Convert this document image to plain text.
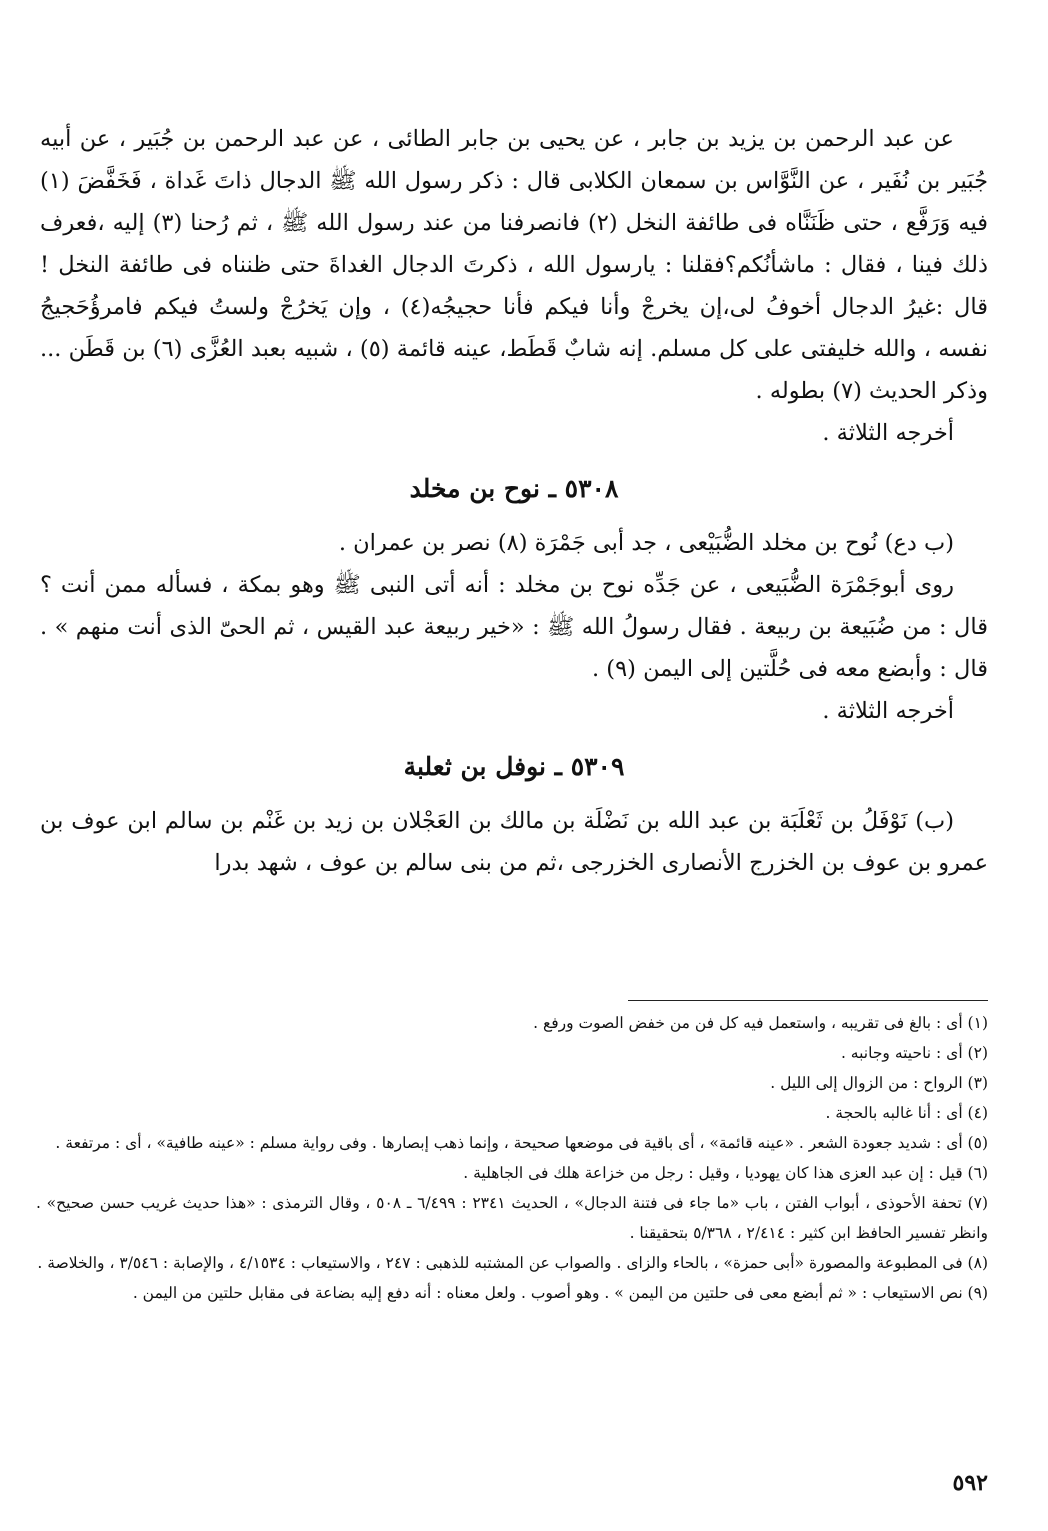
عن عبد الرحمن بن يزيد بن جابر ، عن يحيى بن جابر الطائى ، عن عبد الرحمن بن جُبَير ، عن أبيه جُبَير بن نُفَير ، عن النَّوَّاس بن سمعان الكلابى قال : ذكر رسول الله ﷺ الدجال ذاتَ غَداة ، فَخَفَّضَ (١) فيه وَرَفَّع ، حتى ظَنَنَّاه فى طائفة النخل (٢) فانصرفنا من عند رسول الله ﷺ ، ثم رُحنا (٣) إليه ،فعرف ذلك فينا ، فقال : ماشأنُكم؟فقلنا : يارسول الله ، ذكرتَ الدجال الغداةَ حتى ظنناه فى طائفة النخل ! قال :غيرُ الدجال أخوفُ لى،إن يخرجْ وأنا فيكم فأنا حجيجُه(٤) ، وإن يَخرُجْ ولستُ فيكم فامرؤُحَجيجُ نفسه ، والله خليفتى على كل مسلم. إنه شابٌ قَطَط، عينه قائمة (٥) ، شبيه بعبد العُزَّى (٦) بن قَطَن ... وذكر الحديث (٧) بطوله .

أخرجه الثلاثة .

٥٣٠٨ ـ نوح بن مخلد

(ب دع) نُوح بن مخلد الضُّبَيْعى ، جد أبى جَمْرَة (٨) نصر بن عمران .

روى أبوجَمْرَة الضُّبَيعى ، عن جَدِّه نوح بن مخلد : أنه أتى النبى ﷺ وهو بمكة ، فسأله ممن أنت ؟ قال : من ضُبَيعة بن ربيعة . فقال رسولُ الله ﷺ : «خير ربيعة عبد القيس ، ثم الحىّ الذى أنت منهم » . قال : وأبضع معه فى حُلَّتين إلى اليمن (٩) .

أخرجه الثلاثة .

٥٣٠٩ ـ نوفل بن ثعلبة

(ب) نَوْفَلُ بن ثَعْلَبَة بن عبد الله بن نَضْلَة بن مالك بن العَجْلان بن زيد بن غَنْم بن سالم ابن عوف بن عمرو بن عوف بن الخزرج الأنصارى الخزرجى ،ثم من بنى سالم بن عوف ، شهد بدرا

(١) أى : بالغ فى تقريبه ، واستعمل فيه كل فن من خفض الصوت ورفع .

(٢) أى : ناحيته وجانبه .

(٣) الرواح : من الزوال إلى الليل .

(٤) أى : أنا غالبه بالحجة .

(٥) أى : شديد جعودة الشعر . «عينه قائمة» ، أى باقية فى موضعها صحيحة ، وإنما ذهب إبصارها . وفى رواية مسلم : «عينه طافية» ، أى : مرتفعة .

(٦) قيل : إن عبد العزى هذا كان يهوديا ، وقيل : رجل من خزاعة هلك فى الجاهلية .

(٧) تحفة الأحوذى ، أبواب الفتن ، باب «ما جاء فى فتنة الدجال» ، الحديث ٢٣٤١ : ٦/٤٩٩ ـ ٥٠٨ ، وقال الترمذى : «هذا حديث غريب حسن صحيح» . وانظر تفسير الحافظ ابن كثير : ٢/٤١٤ ، ٥/٣٦٨ بتحقيقنا .

(٨) فى المطبوعة والمصورة «أبى حمزة» ، بالحاء والزاى . والصواب عن المشتبه للذهبى : ٢٤٧ ، والاستيعاب : ٤/١٥٣٤ ، والإصابة : ٣/٥٤٦ ، والخلاصة .

(٩) نص الاستيعاب : « ثم أبضع معى فى حلتين من اليمن » . وهو أصوب . ولعل معناه : أنه دفع إليه بضاعة فى مقابل حلتين من اليمن .

٥٩٢
